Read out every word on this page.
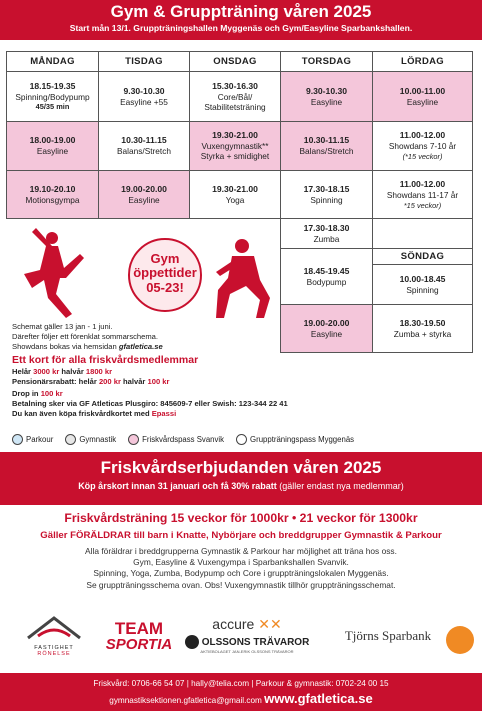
Gym & Gruppträning våren 2025
Start mån 13/1. Gruppträningshallen Myggenäs och Gym/Easyline Sparbankshallen.
MÅNDAG	TISDAG	ONSDAG	TORSDAG	LÖRDAG

18.15-19.35
Spinning/Bodypump
45/35 min	9.30-10.30
Easyline +55	15.30-16.30
Core/Bål/
Stabilitetsträning	9.30-10.30
Easyline	10.00-11.00
Easyline

18.00-19.00
Easyline	10.30-11.15
Balans/Stretch	19.30-21.00
Vuxengymnastik**
Styrka + smidighet	10.30-11.15
Balans/Stretch	11.00-12.00
Showdans 7-10 år
(*15 veckor)

19.10-20.10
Motionsgympa	19.00-20.00
Easyline	19.30-21.00
Yoga	17.30-18.15
Spinning	11.00-12.00
Showdans 11-17 år
*15 veckor)

			17.30-18.30
Zumba	

			18.45-19.45
Bodypump	SÖNDAG

				10.00-18.45
Spinning

			19.00-20.00
Easyline	18.30-19.50
Zumba + styrka
Gym
öppettider
05-23!
Schemat gäller 13 jan - 1 juni.
Därefter följer ett förenklat sommarschema.
Showdans bokas via hemsidan gfatletica.se
Ett kort för alla friskvårdsmedlemmar
Helår 3000 kr halvår 1800 kr
Pensionärsrabatt: helår 200 kr halvår 100 kr
Drop in 100 kr
Betalning sker via GF Atleticas Plusgiro: 845609-7 eller Swish: 123-344 22 41
Du kan även köpa friskvårdkortet med Epassi
Parkour	Gymnastik	Friskvårdspass Svanvik	Gruppträningspass Myggenäs
Friskvårdserbjudanden våren 2025
Köp årskort innan 31 januari och få 30% rabatt (gäller endast nya medlemmar)
Friskvårdsträning 15 veckor för 1000kr • 21 veckor för 1300kr
Gäller FÖRÄLDRAR till barn i Knatte, Nybörjare och breddgrupper Gymnastik & Parkour
Alla föräldrar i breddgrupperna Gymnastik & Parkour har möjlighet att träna hos oss.
Gym, Easyline & Vuxengympa i Sparbankshallen Svanvik.
Spinning, Yoga, Zumba, Bodypump och Core i gruppträningslokalen Myggenäs.
Se gruppträningsschema ovan. Obs! Vuxengymnastik tillhör gruppträningsschemat.
FASTIGHET
RÖNELSE
TEAM
SPORTIA
accure ✕✕
OLSSONS TRÄVAROR
AKTIEBOLAGET JAN-ERIK OLSSONS TRÄVAROR
Tjörns Sparbank
Friskvård: 0706-66 54 07 | hally@telia.com | Parkour & gymnastik: 0702-24 00 15
gymnastiksektionen.gfatletica@gmail.com www.gfatletica.se
